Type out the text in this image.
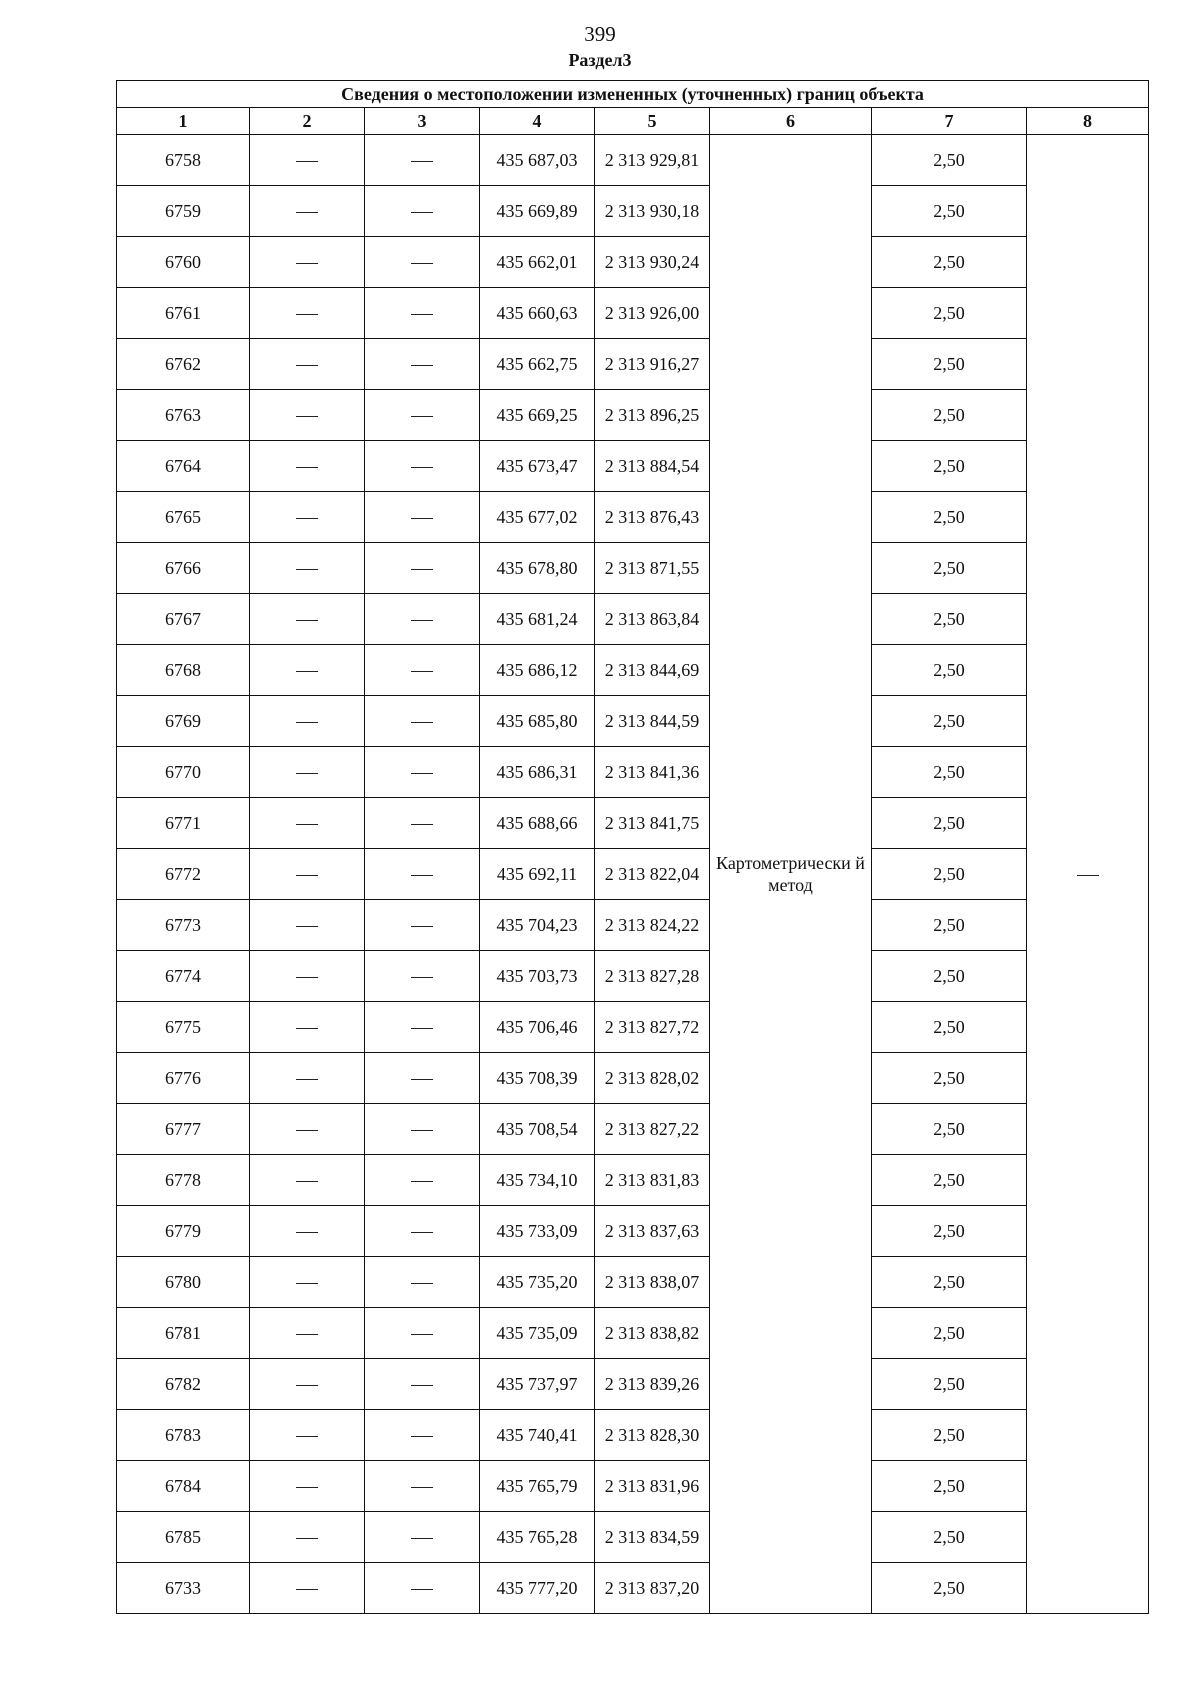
399
Раздел3
Сведения о местоположении измененных (уточненных) границ объекта							
1	2	3	4	5	6	7	8
6758			435 687,03	2 313 929,81	Картометрически й метод	2,50	
6759			435 669,89	2 313 930,18		2,50	
6760			435 662,01	2 313 930,24		2,50	
6761			435 660,63	2 313 926,00		2,50	
6762			435 662,75	2 313 916,27		2,50	
6763			435 669,25	2 313 896,25		2,50	
6764			435 673,47	2 313 884,54		2,50	
6765			435 677,02	2 313 876,43		2,50	
6766			435 678,80	2 313 871,55		2,50	
6767			435 681,24	2 313 863,84		2,50	
6768			435 686,12	2 313 844,69		2,50	
6769			435 685,80	2 313 844,59		2,50	
6770			435 686,31	2 313 841,36		2,50	
6771			435 688,66	2 313 841,75		2,50	
6772			435 692,11	2 313 822,04		2,50	
6773			435 704,23	2 313 824,22		2,50	
6774			435 703,73	2 313 827,28		2,50	
6775			435 706,46	2 313 827,72		2,50	
6776			435 708,39	2 313 828,02		2,50	
6777			435 708,54	2 313 827,22		2,50	
6778			435 734,10	2 313 831,83		2,50	
6779			435 733,09	2 313 837,63		2,50	
6780			435 735,20	2 313 838,07		2,50	
6781			435 735,09	2 313 838,82		2,50	
6782			435 737,97	2 313 839,26		2,50	
6783			435 740,41	2 313 828,30		2,50	
6784			435 765,79	2 313 831,96		2,50	
6785			435 765,28	2 313 834,59		2,50	
6733			435 777,20	2 313 837,20		2,50	
